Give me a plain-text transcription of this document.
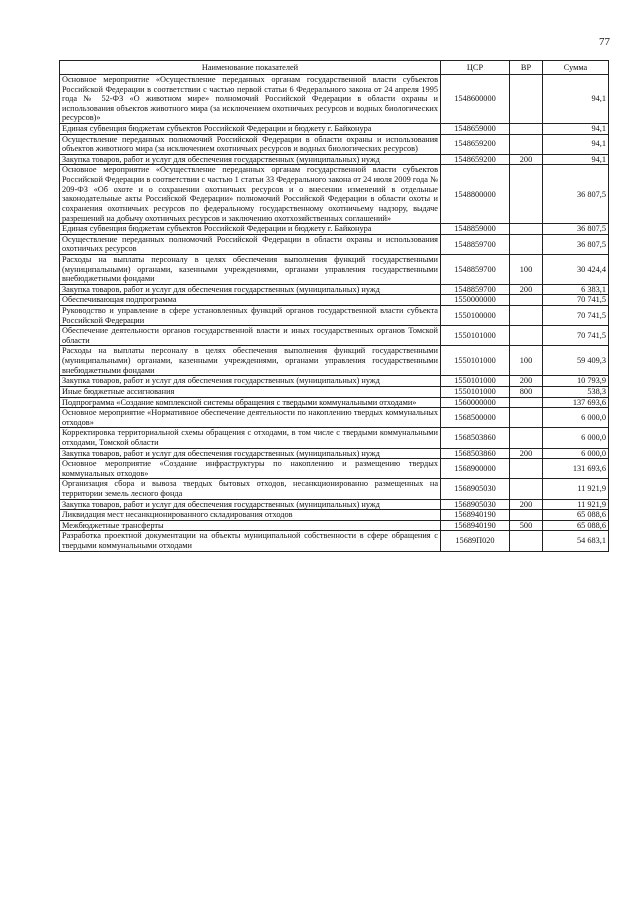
77
Наименование показателей	ЦСР	ВР	Сумма
Основное мероприятие «Осуществление переданных органам государственной власти субъектов Российской Федерации в соответствии с частью первой статьи 6 Федерального закона от 24 апреля 1995 года № 52-ФЗ «О животном мире» полномочий Российской Федерации в области охраны и использования объектов животного мира (за исключением охотничьих ресурсов и водных биологических ресурсов)»	1548600000		94,1
Единая субвенция бюджетам субъектов Российской Федерации и бюджету г. Байконура	1548659000		94,1
Осуществление переданных полномочий Российской Федерации в области охраны и использования объектов животного мира (за исключением охотничьих ресурсов и водных биологических ресурсов)	1548659200		94,1
Закупка товаров, работ и услуг для обеспечения государственных (муниципальных) нужд	1548659200	200	94,1
Основное мероприятие «Осуществление переданных органам государственной власти субъектов Российской Федерации в соответствии с частью 1 статьи 33 Федерального закона от 24 июля 2009 года № 209-ФЗ «Об охоте и о сохранении охотничьих ресурсов и о внесении изменений в отдельные законодательные акты Российской Федерации» полномочий Российской Федерации в области охоты и сохранения охотничьих ресурсов по федеральному государственному охотничьему надзору, выдаче разрешений на добычу охотничьих ресурсов и заключению охотхозяйственных соглашений»	1548800000		36 807,5
Единая субвенция бюджетам субъектов Российской Федерации и бюджету г. Байконура	1548859000		36 807,5
Осуществление переданных полномочий Российской Федерации в области охраны и использования охотничьих ресурсов	1548859700		36 807,5
Расходы на выплаты персоналу в целях обеспечения выполнения функций государственными (муниципальными) органами, казенными учреждениями, органами управления государственными внебюджетными фондами	1548859700	100	30 424,4
Закупка товаров, работ и услуг для обеспечения государственных (муниципальных) нужд	1548859700	200	6 383,1
Обеспечивающая подпрограмма	1550000000		70 741,5
Руководство и управление в сфере установленных функций органов государственной власти субъекта Российской Федерации	1550100000		70 741,5
Обеспечение деятельности органов государственной власти и иных государственных органов Томской области	1550101000		70 741,5
Расходы на выплаты персоналу в целях обеспечения выполнения функций государственными (муниципальными) органами, казенными учреждениями, органами управления государственными внебюджетными фондами	1550101000	100	59 409,3
Закупка товаров, работ и услуг для обеспечения государственных (муниципальных) нужд	1550101000	200	10 793,9
Иные бюджетные ассигнования	1550101000	800	538,3
Подпрограмма «Создание комплексной системы обращения с твердыми коммунальными отходами»	1560000000		137 693,6
Основное мероприятие «Нормативное обеспечение деятельности по накоплению твердых коммунальных отходов»	1568500000		6 000,0
Корректировка территориальной схемы обращения с отходами, в том числе с твердыми коммунальными отходами, Томской области	1568503860		6 000,0
Закупка товаров, работ и услуг для обеспечения государственных (муниципальных) нужд	1568503860	200	6 000,0
Основное мероприятие «Создание инфраструктуры по накоплению и размещению твердых коммунальных отходов»	1568900000		131 693,6
Организация сбора и вывоза твердых бытовых отходов, несанкционированно размещенных на территории земель лесного фонда	1568905030		11 921,9
Закупка товаров, работ и услуг для обеспечения государственных (муниципальных) нужд	1568905030	200	11 921,9
Ликвидация мест несанкционированного складирования отходов	1568940190		65 088,6
Межбюджетные трансферты	1568940190	500	65 088,6
Разработка проектной документации на объекты муниципальной собственности в сфере обращения с твердыми коммунальными отходами	15689П020		54 683,1
